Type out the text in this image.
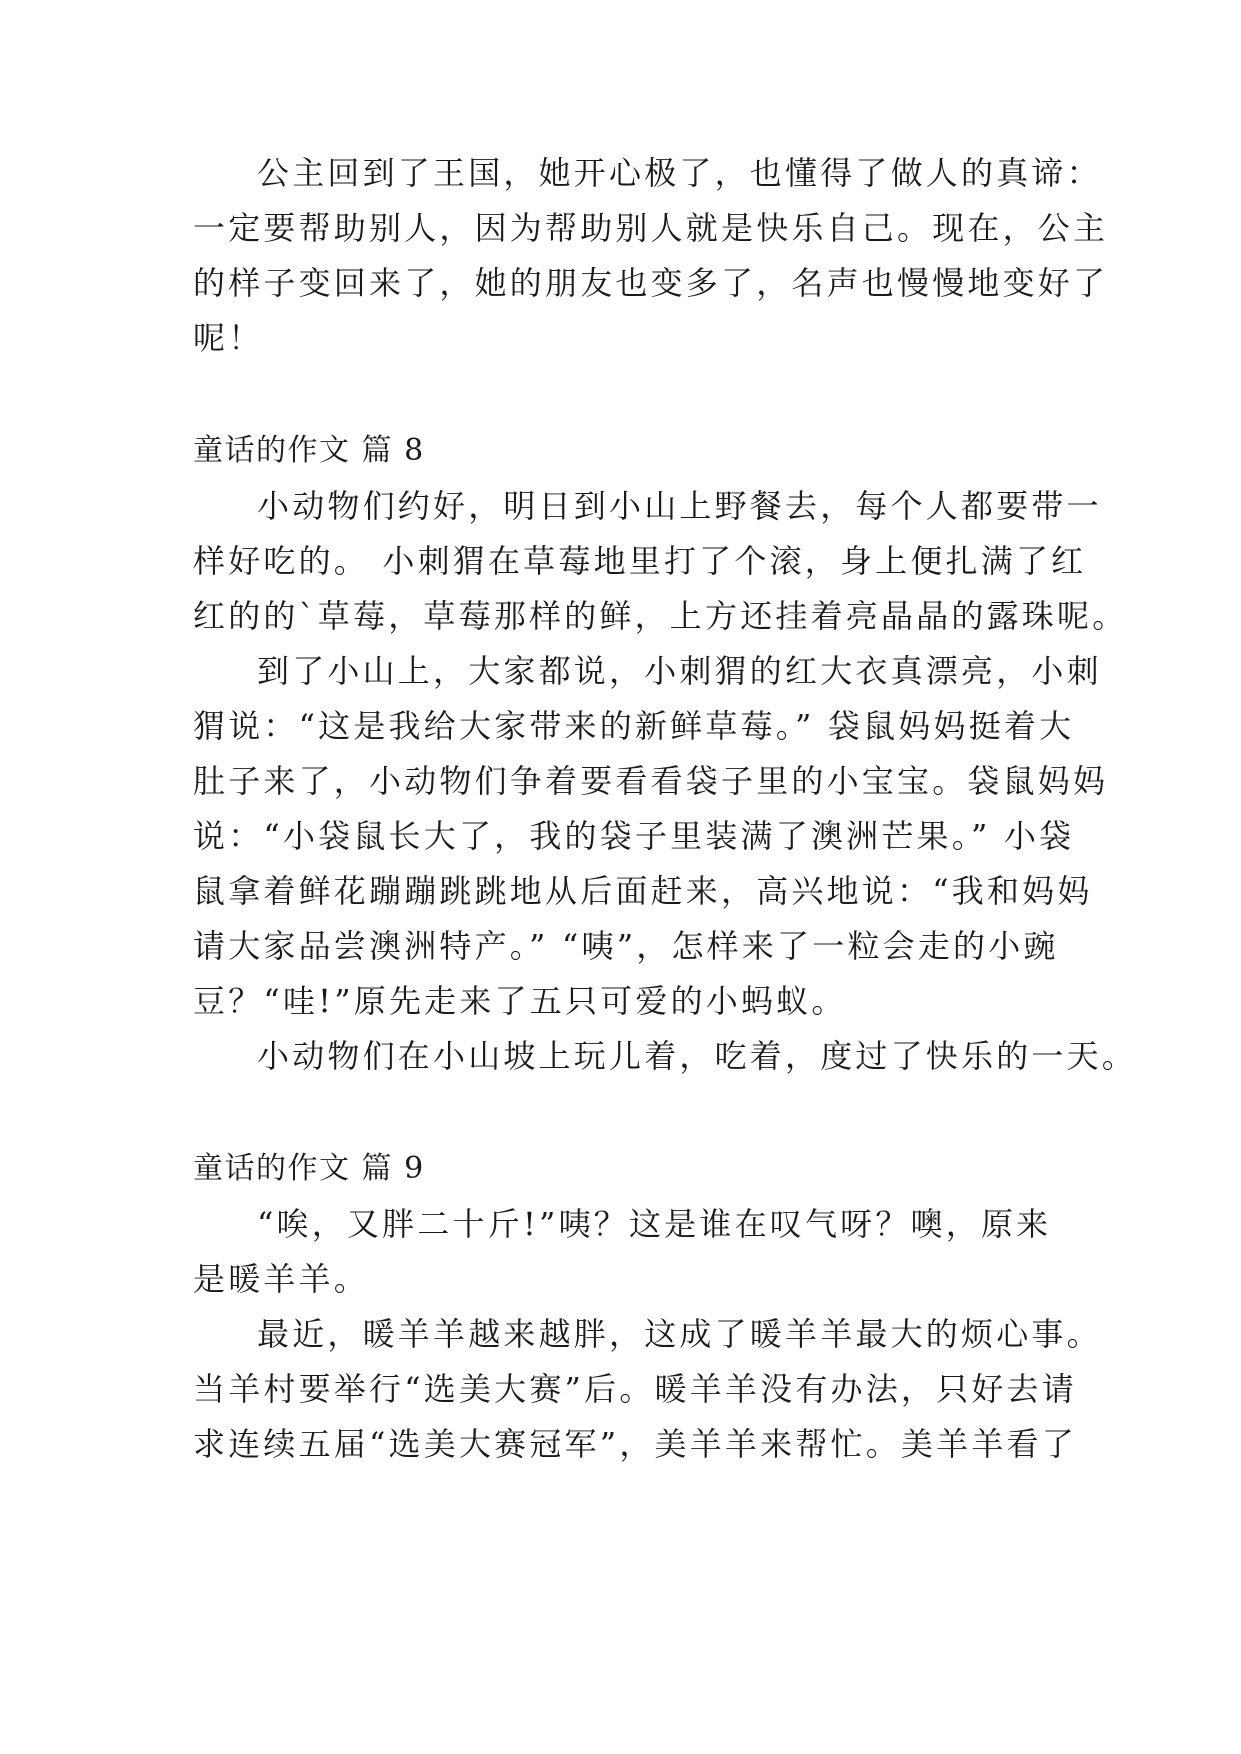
公主回到了王国，她开心极了，也懂得了做人的真谛：
一定要帮助别人，因为帮助别人就是快乐自己。现在，公主
的样子变回来了，她的朋友也变多了，名声也慢慢地变好了
呢！
童话的作文 篇 8
小动物们约好，明日到小山上野餐去，每个人都要带一
样好吃的。 小刺猬在草莓地里打了个滚，身上便扎满了红
红的的`草莓，草莓那样的鲜，上方还挂着亮晶晶的露珠呢。
到了小山上，大家都说，小刺猬的红大衣真漂亮，小刺
猬说：“这是我给大家带来的新鲜草莓。” 袋鼠妈妈挺着大
肚子来了，小动物们争着要看看袋子里的小宝宝。袋鼠妈妈
说：“小袋鼠长大了，我的袋子里装满了澳洲芒果。” 小袋
鼠拿着鲜花蹦蹦跳跳地从后面赶来，高兴地说：“我和妈妈
请大家品尝澳洲特产。” “咦”，怎样来了一粒会走的小豌
豆？“哇!”原先走来了五只可爱的小蚂蚁。
小动物们在小山坡上玩儿着，吃着，度过了快乐的一天。
童话的作文 篇 9
“唉，又胖二十斤!”咦？这是谁在叹气呀？噢，原来
是暖羊羊。
最近，暖羊羊越来越胖，这成了暖羊羊最大的烦心事。
当羊村要举行“选美大赛”后。暖羊羊没有办法，只好去请
求连续五届“选美大赛冠军”，美羊羊来帮忙。美羊羊看了
